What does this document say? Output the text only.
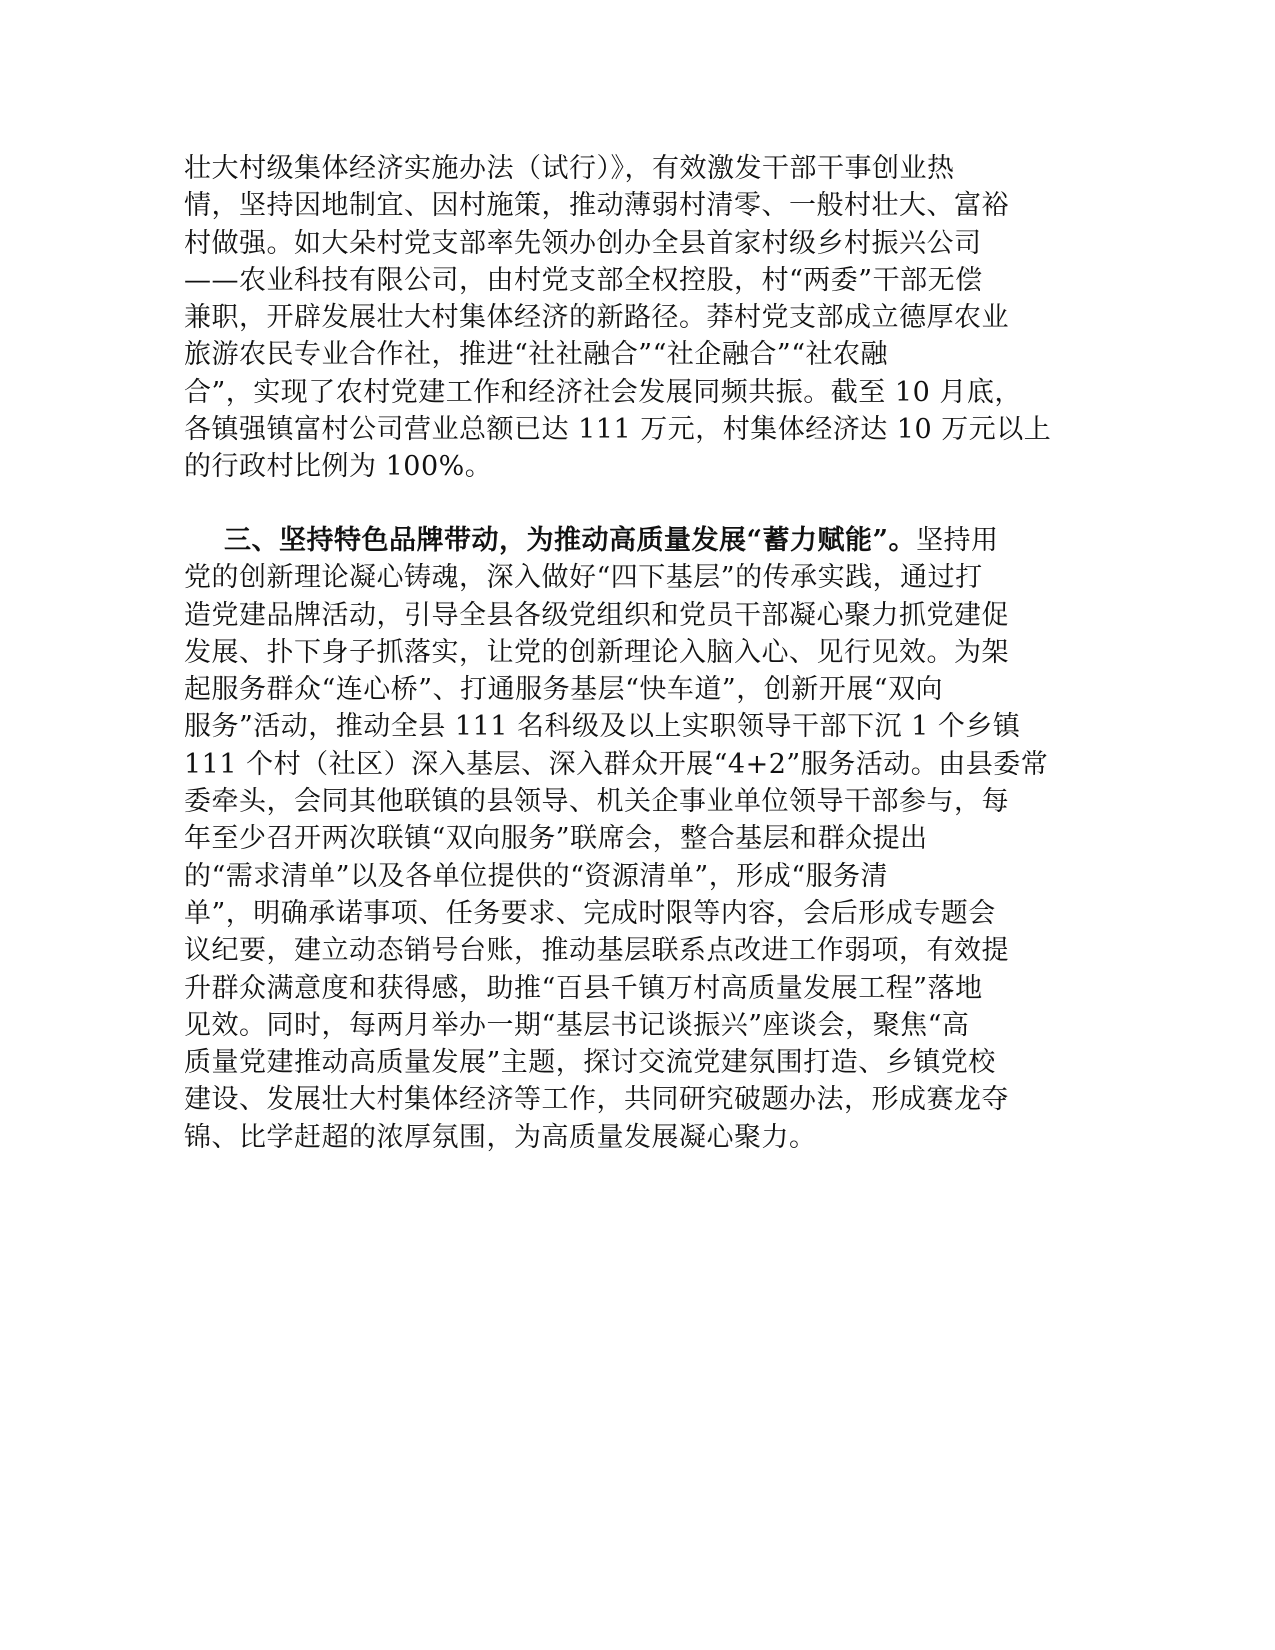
壮大村级集体经济实施办法（试行）》，有效激发干部干事创业热
情，坚持因地制宜、因村施策，推动薄弱村清零、一般村壮大、富裕
村做强。如大朵村党支部率先领办创办全县首家村级乡村振兴公司
——农业科技有限公司，由村党支部全权控股，村“两委”干部无偿
兼职，开辟发展壮大村集体经济的新路径。莽村党支部成立德厚农业
旅游农民专业合作社，推进“社社融合”“社企融合”“社农融
合”，实现了农村党建工作和经济社会发展同频共振。截至 10 月底，
各镇强镇富村公司营业总额已达 111 万元，村集体经济达 10 万元以上
的行政村比例为 100%。
三、坚持特色品牌带动，为推动高质量发展“蓄力赋能”。坚持用
党的创新理论凝心铸魂，深入做好“四下基层”的传承实践，通过打
造党建品牌活动，引导全县各级党组织和党员干部凝心聚力抓党建促
发展、扑下身子抓落实，让党的创新理论入脑入心、见行见效。为架
起服务群众“连心桥”、打通服务基层“快车道”，创新开展“双向
服务”活动，推动全县 111 名科级及以上实职领导干部下沉 1 个乡镇
111 个村（社区）深入基层、深入群众开展“4+2”服务活动。由县委常
委牵头，会同其他联镇的县领导、机关企事业单位领导干部参与，每
年至少召开两次联镇“双向服务”联席会，整合基层和群众提出
的“需求清单”以及各单位提供的“资源清单”，形成“服务清
单”，明确承诺事项、任务要求、完成时限等内容，会后形成专题会
议纪要，建立动态销号台账，推动基层联系点改进工作弱项，有效提
升群众满意度和获得感，助推“百县千镇万村高质量发展工程”落地
见效。同时，每两月举办一期“基层书记谈振兴”座谈会，聚焦“高
质量党建推动高质量发展”主题，探讨交流党建氛围打造、乡镇党校
建设、发展壮大村集体经济等工作，共同研究破题办法，形成赛龙夺
锦、比学赶超的浓厚氛围，为高质量发展凝心聚力。
